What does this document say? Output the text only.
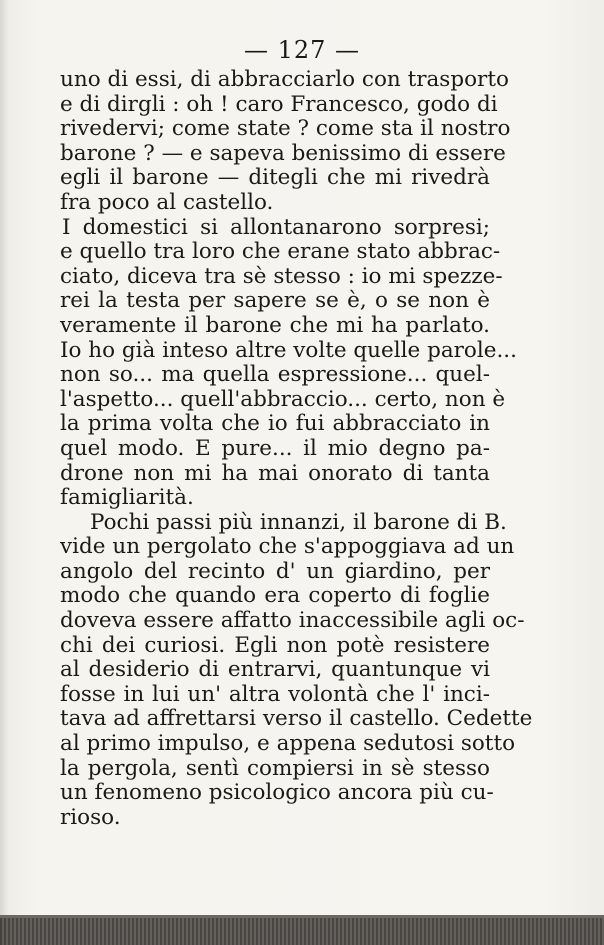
— 127 —
uno di essi, di abbracciarlo con trasporto
e di dirgli : oh ! caro Francesco, godo di
rivedervi; come state ? come sta il nostro
barone ? — e sapeva benissimo di essere
egli il barone — ditegli che mi rivedrà
fra poco al castello.
I domestici si allontanarono sorpresi;
e quello tra loro che erane stato abbrac-
ciato, diceva tra sè stesso : io mi spezze-
rei la testa per sapere se è, o se non è
veramente il barone che mi ha parlato.
Io ho già inteso altre volte quelle parole...
non so... ma quella espressione... quel-
l'aspetto... quell'abbraccio... certo, non è
la prima volta che io fui abbracciato in
quel modo. E pure... il mio degno pa-
drone non mi ha mai onorato di tanta
famigliarità.
Pochi passi più innanzi, il barone di B.
vide un pergolato che s'appoggiava ad un
angolo del recinto d' un giardino, per
modo che quando era coperto di foglie
doveva essere affatto inaccessibile agli oc-
chi dei curiosi. Egli non potè resistere
al desiderio di entrarvi, quantunque vi
fosse in lui un' altra volontà che l' inci-
tava ad affrettarsi verso il castello. Cedette
al primo impulso, e appena sedutosi sotto
la pergola, sentì compiersi in sè stesso
un fenomeno psicologico ancora più cu-
rioso.
